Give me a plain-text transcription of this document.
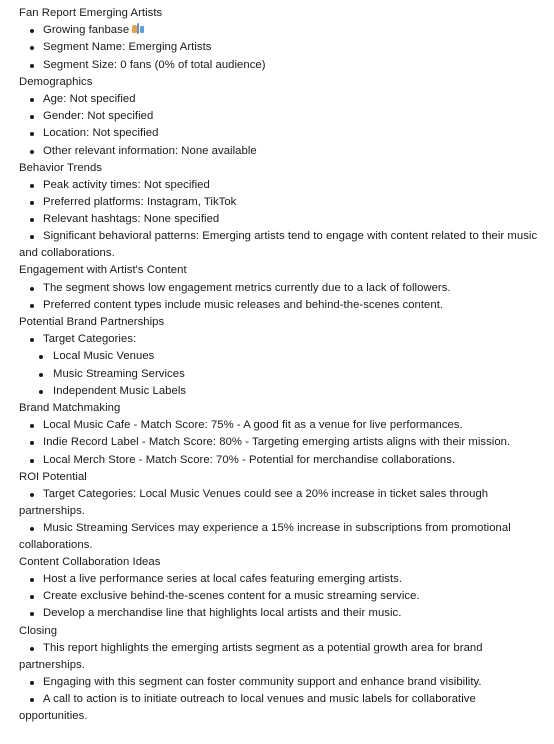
Fan Report Emerging Artists
Growing fanbase
Segment Name: Emerging Artists
Segment Size: 0 fans (0% of total audience)
Demographics
Age: Not specified
Gender: Not specified
Location: Not specified
Other relevant information: None available
Behavior Trends
Peak activity times: Not specified
Preferred platforms: Instagram, TikTok
Relevant hashtags: None specified
Significant behavioral patterns: Emerging artists tend to engage with content related to their music and collaborations.
Engagement with Artist's Content
The segment shows low engagement metrics currently due to a lack of followers.
Preferred content types include music releases and behind-the-scenes content.
Potential Brand Partnerships
Target Categories:
Local Music Venues
Music Streaming Services
Independent Music Labels
Brand Matchmaking
Local Music Cafe - Match Score: 75% - A good fit as a venue for live performances.
Indie Record Label - Match Score: 80% - Targeting emerging artists aligns with their mission.
Local Merch Store - Match Score: 70% - Potential for merchandise collaborations.
ROI Potential
Target Categories: Local Music Venues could see a 20% increase in ticket sales through partnerships.
Music Streaming Services may experience a 15% increase in subscriptions from promotional collaborations.
Content Collaboration Ideas
Host a live performance series at local cafes featuring emerging artists.
Create exclusive behind-the-scenes content for a music streaming service.
Develop a merchandise line that highlights local artists and their music.
Closing
This report highlights the emerging artists segment as a potential growth area for brand partnerships.
Engaging with this segment can foster community support and enhance brand visibility.
A call to action is to initiate outreach to local venues and music labels for collaborative opportunities.
